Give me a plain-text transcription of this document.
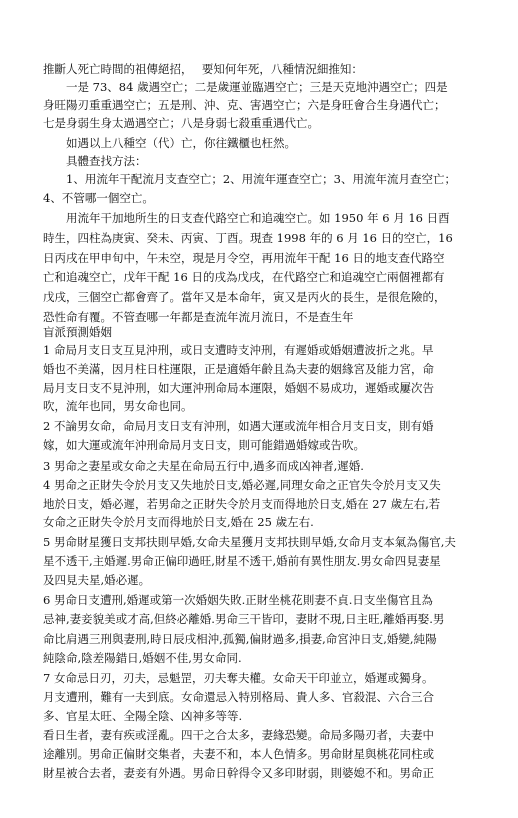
推斷人死亡時間的祖傳絕招，　 要知何年死，八種情況細推知：
　　一是 73、84 歲遇空亡；二是歲運並臨遇空亡；三是天克地沖遇空亡；四是
身旺陽刃重重遇空亡；五是刑、沖、克、害遇空亡；六是身旺會合生身遇代亡；
七是身弱生身太過遇空亡；八是身弱七殺重重遇代亡。
　　如遇以上八種空（代）亡，你往鐵櫃也枉然。
　　具體查找方法：
　　1、用流年干配流月支查空亡；2、用流年運查空亡；3、用流年流月查空亡；
4、不管哪一個空亡。
　　用流年干加地所生的日支查代路空亡和追魂空亡。如 1950 年 6 月 16 日酉
時生，四柱為庚寅、癸未、丙寅、丁酉。現查 1998 年的 6 月 16 日的空亡，16
日丙戌在甲申旬中，午未空，現是月令空，再用流年干配 16 日的地支查代路空
亡和追魂空亡，戊年干配 16 日的戌為戊戌，在代路空亡和追魂空亡兩個裡都有
戊戌，三個空亡都會齊了。當年又是本命年，寅又是丙火的長生，是很危險的，
恐性命有覆。不管查哪一年都是查流年流月流日，不是查生年
盲派預測婚姻
1 命局月支日支互見沖刑，或日支遭時支沖刑，有遲婚或婚姻遭波折之兆。早
婚也不美滿，因月柱日柱運限，正是適婚年齡且為夫妻的姻緣宮及能力宮，命
局月支日支不見沖刑，如大運沖刑命局本運限，婚姻不易成功，遲婚或屢次告
吹，流年也同，男女命也同。
2 不論男女命，命局月支日支有沖刑，如遇大運或流年相合月支日支，則有婚
嫁，如大運或流年沖刑命局月支日支，則可能錯過婚嫁或告吹。
3 男命之妻星或女命之夫星在命局五行中,過多而成凶神者,遲婚.
4 男命之正財失令於月支又失地於日支,婚必遲,同理女命之正官失令於月支又失
地於日支，婚必遲，若男命之正財失令於月支而得地於日支,婚在 27 歲左右,若
女命之正財失令於月支而得地於日支,婚在 25 歲左右.
5 男命財星獲日支邦扶則早婚,女命夫星獲月支邦扶則早婚,女命月支本氣為傷官,夫
星不透干,主婚遲.男命正偏印過旺,財星不透干,婚前有異性朋友.男女命四見妻星
及四見夫星,婚必遲。
6 男命日支遭刑,婚遲或第一次婚姻失敗.正財坐桃花則妻不貞.日支坐傷官且為
忌神,妻妾貌美或才高,但終必離婚.男命三干皆印，妻財不現,日主旺,離婚再娶.男
命比肩遇三刑與妻刑,時日辰戌相沖,孤獨,偏財過多,損妻,命宮沖日支,婚變,純陽
純陰命,陰差陽錯日,婚姻不佳,男女命同.
7 女命忌日刃，刃夫，忌魁罡，刃夫奪夫權。女命天干印並立，婚遲或獨身。
月支遭刑，難有一夫到底。女命還忌入特別格局、貴人多、官殺混、六合三合
多、官星太旺、全陽全陰、凶神多等等.
看日生者，妻有疾或淫亂。四干之合太多，妻緣恐變。命局多陽刃者，夫妻中
途離別。男命正偏財交集者，夫妻不和，本人色情多。男命財星與桃花同柱或
財星被合去者，妻妾有外遇。男命日幹得令又多印財弱，則婆媳不和。男命正
